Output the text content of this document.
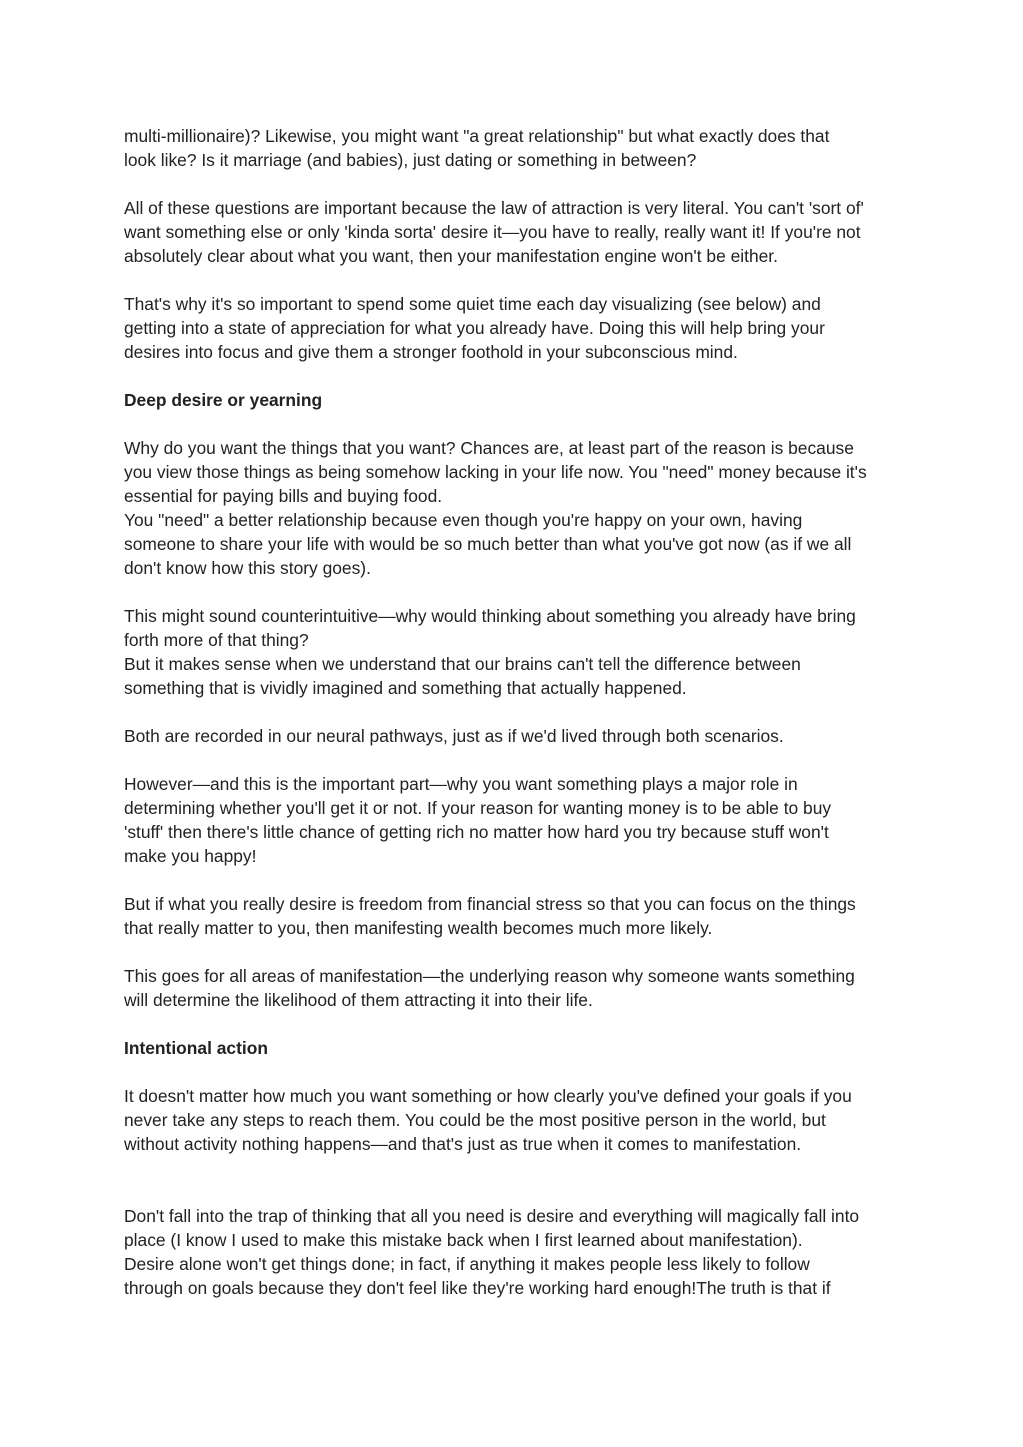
multi-millionaire)? Likewise, you might want "a great relationship" but what exactly does that
look like? Is it marriage (and babies), just dating or something in between?
All of these questions are important because the law of attraction is very literal. You can't 'sort of'
want something else or only 'kinda sorta' desire it—you have to really, really want it! If you're not
absolutely clear about what you want, then your manifestation engine won't be either.
That's why it's so important to spend some quiet time each day visualizing (see below) and
getting into a state of appreciation for what you already have. Doing this will help bring your
desires into focus and give them a stronger foothold in your subconscious mind.
Deep desire or yearning
Why do you want the things that you want? Chances are, at least part of the reason is because
you view those things as being somehow lacking in your life now. You "need" money because it's
essential for paying bills and buying food.
You "need" a better relationship because even though you're happy on your own, having
someone to share your life with would be so much better than what you've got now (as if we all
don't know how this story goes).
This might sound counterintuitive—why would thinking about something you already have bring
forth more of that thing?
But it makes sense when we understand that our brains can't tell the difference between
something that is vividly imagined and something that actually happened.
Both are recorded in our neural pathways, just as if we'd lived through both scenarios.
However—and this is the important part—why you want something plays a major role in
determining whether you'll get it or not. If your reason for wanting money is to be able to buy
'stuff' then there's little chance of getting rich no matter how hard you try because stuff won't
make you happy!
But if what you really desire is freedom from financial stress so that you can focus on the things
that really matter to you, then manifesting wealth becomes much more likely.
This goes for all areas of manifestation—the underlying reason why someone wants something
will determine the likelihood of them attracting it into their life.
Intentional action
It doesn't matter how much you want something or how clearly you've defined your goals if you
never take any steps to reach them. You could be the most positive person in the world, but
without activity nothing happens—and that's just as true when it comes to manifestation.
Don't fall into the trap of thinking that all you need is desire and everything will magically fall into
place (I know I used to make this mistake back when I first learned about manifestation).
Desire alone won't get things done; in fact, if anything it makes people less likely to follow
through on goals because they don't feel like they're working hard enough!The truth is that if
